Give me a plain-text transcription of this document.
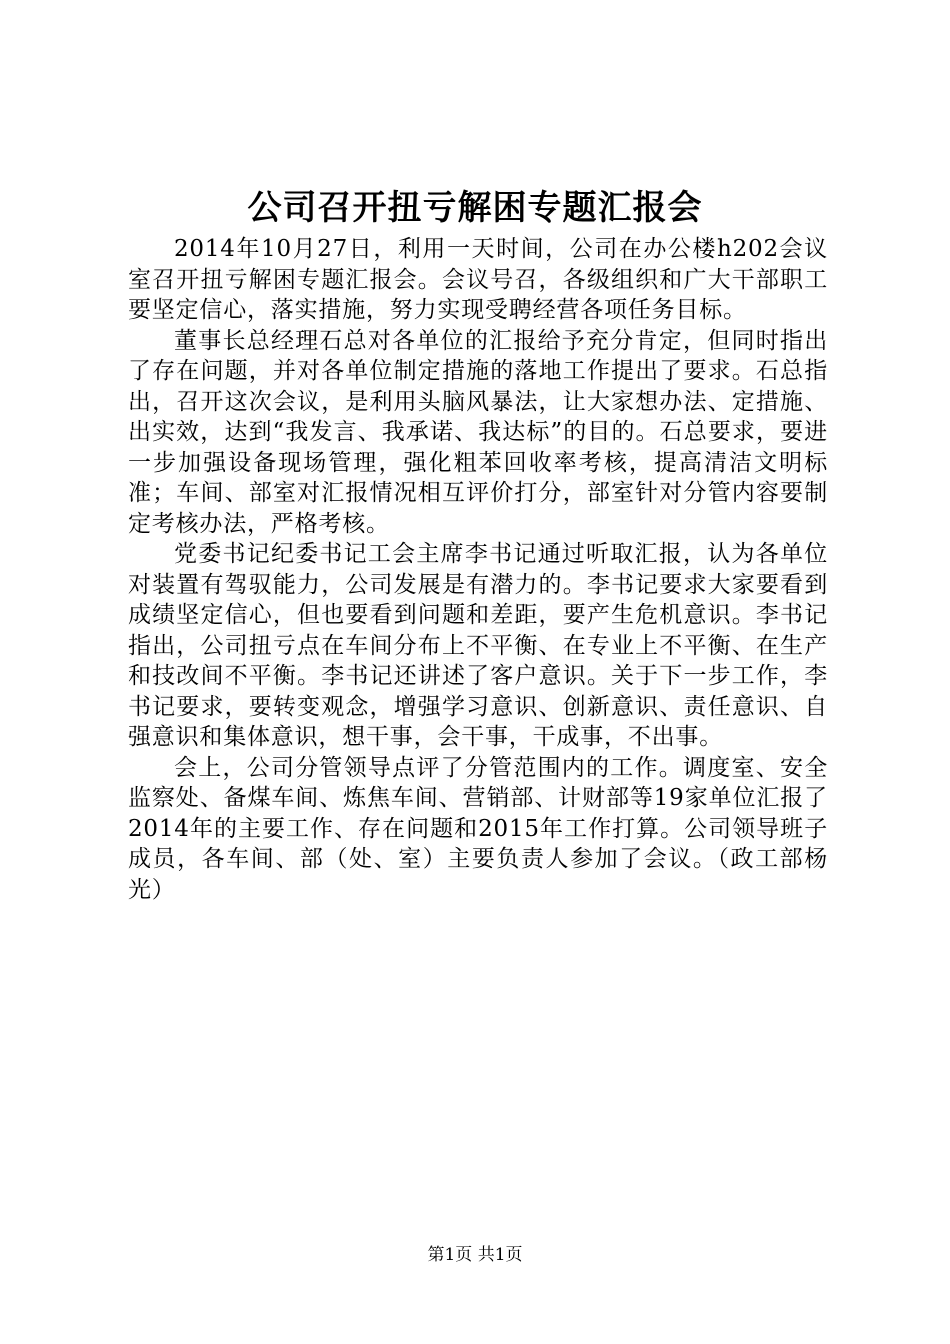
公司召开扭亏解困专题汇报会

2014年10月27日，利用一天时间，公司在办公楼h202会议室召开扭亏解困专题汇报会。会议号召，各级组织和广大干部职工要坚定信心，落实措施，努力实现受聘经营各项任务目标。

董事长总经理石总对各单位的汇报给予充分肯定，但同时指出了存在问题，并对各单位制定措施的落地工作提出了要求。石总指出，召开这次会议，是利用头脑风暴法，让大家想办法、定措施、出实效，达到“我发言、我承诺、我达标”的目的。石总要求，要进一步加强设备现场管理，强化粗苯回收率考核，提高清洁文明标准；车间、部室对汇报情况相互评价打分，部室针对分管内容要制定考核办法，严格考核。

党委书记纪委书记工会主席李书记通过听取汇报，认为各单位对装置有驾驭能力，公司发展是有潜力的。李书记要求大家要看到成绩坚定信心，但也要看到问题和差距，要产生危机意识。李书记指出，公司扭亏点在车间分布上不平衡、在专业上不平衡、在生产和技改间不平衡。李书记还讲述了客户意识。关于下一步工作，李书记要求，要转变观念，增强学习意识、创新意识、责任意识、自强意识和集体意识，想干事，会干事，干成事，不出事。

会上，公司分管领导点评了分管范围内的工作。调度室、安全监察处、备煤车间、炼焦车间、营销部、计财部等19家单位汇报了2014年的主要工作、存在问题和2015年工作打算。公司领导班子成员，各车间、部（处、室）主要负责人参加了会议。（政工部杨光）

第1页 共1页
